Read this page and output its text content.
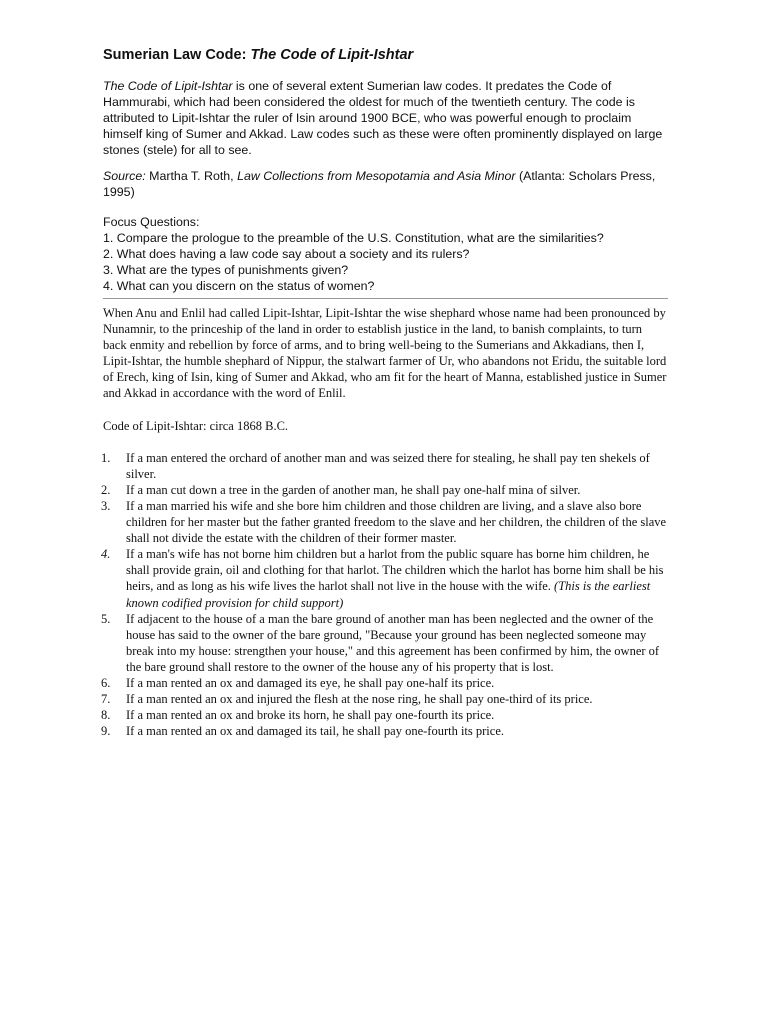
Sumerian Law Code: The Code of Lipit-Ishtar

The Code of Lipit-Ishtar is one of several extent Sumerian law codes. It predates the Code of Hammurabi, which had been considered the oldest for much of the twentieth century. The code is attributed to Lipit-Ishtar the ruler of Isin around 1900 BCE, who was powerful enough to proclaim himself king of Sumer and Akkad. Law codes such as these were often prominently displayed on large stones (stele) for all to see.

Source: Martha T. Roth, Law Collections from Mesopotamia and Asia Minor (Atlanta: Scholars Press, 1995)

Focus Questions:
1. Compare the prologue to the preamble of the U.S. Constitution, what are the similarities?
2. What does having a law code say about a society and its rulers?
3. What are the types of punishments given?
4. What can you discern on the status of women?

When Anu and Enlil had called Lipit-Ishtar, Lipit-Ishtar the wise shephard whose name had been pronounced by Nunamnir, to the princeship of the land in order to establish justice in the land, to banish complaints, to turn back enmity and rebellion by force of arms, and to bring well-being to the Sumerians and Akkadians, then I, Lipit-Ishtar, the humble shephard of Nippur, the stalwart farmer of Ur, who abandons not Eridu, the suitable lord of Erech, king of Isin, king of Sumer and Akkad, who am fit for the heart of Manna, established justice in Sumer and Akkad in accordance with the word of Enlil.

Code of Lipit-Ishtar: circa 1868 B.C.

1. If a man entered the orchard of another man and was seized there for stealing, he shall pay ten shekels of silver.
2. If a man cut down a tree in the garden of another man, he shall pay one-half mina of silver.
3. If a man married his wife and she bore him children and those children are living, and a slave also bore children for her master but the father granted freedom to the slave and her children, the children of the slave shall not divide the estate with the children of their former master.
4. If a man's wife has not borne him children but a harlot from the public square has borne him children, he shall provide grain, oil and clothing for that harlot. The children which the harlot has borne him shall be his heirs, and as long as his wife lives the harlot shall not live in the house with the wife. (This is the earliest known codified provision for child support)
5. If adjacent to the house of a man the bare ground of another man has been neglected and the owner of the house has said to the owner of the bare ground, "Because your ground has been neglected someone may break into my house: strengthen your house," and this agreement has been confirmed by him, the owner of the bare ground shall restore to the owner of the house any of his property that is lost.
6. If a man rented an ox and damaged its eye, he shall pay one-half its price.
7. If a man rented an ox and injured the flesh at the nose ring, he shall pay one-third of its price.
8. If a man rented an ox and broke its horn, he shall pay one-fourth its price.
9. If a man rented an ox and damaged its tail, he shall pay one-fourth its price.
